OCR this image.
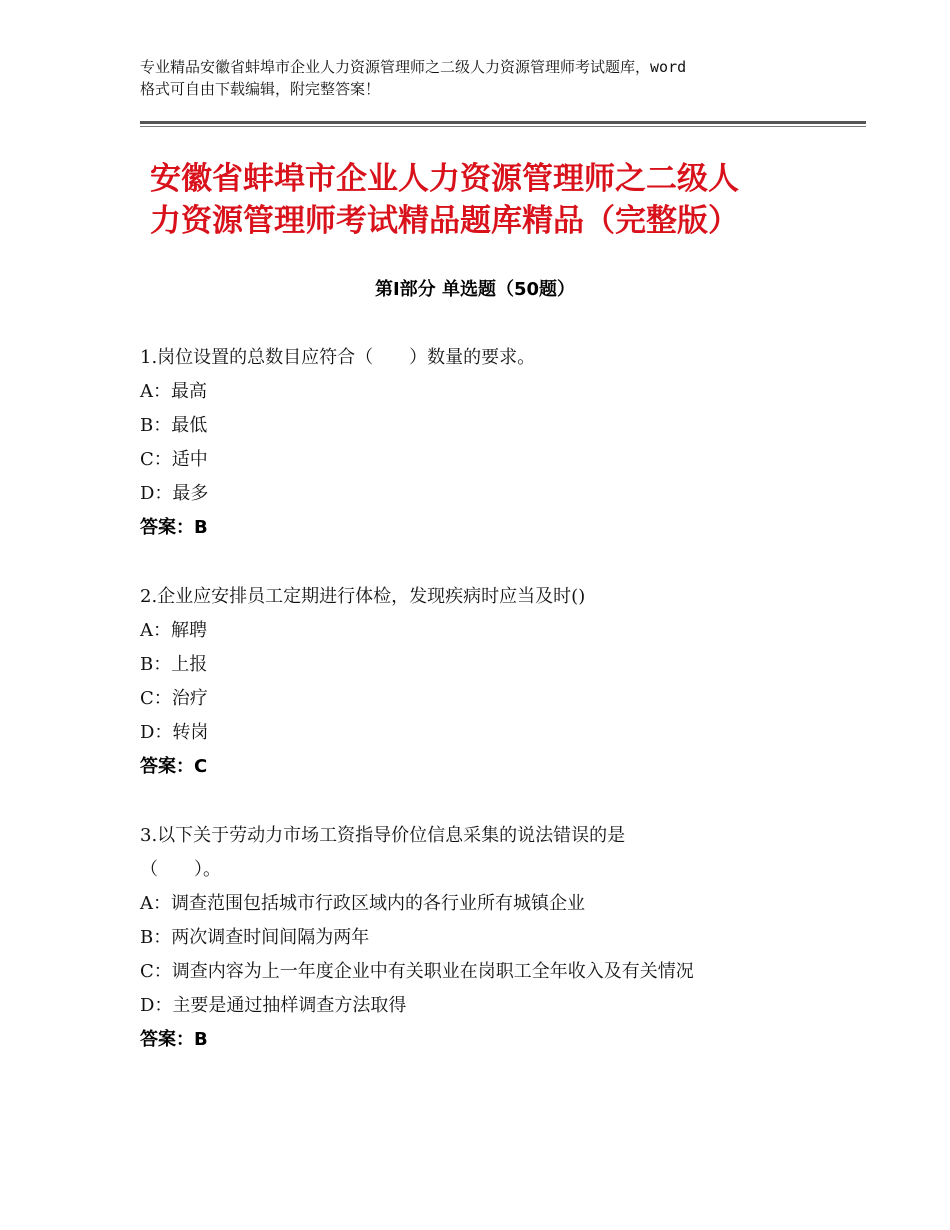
专业精品安徽省蚌埠市企业人力资源管理师之二级人力资源管理师考试题库，word
格式可自由下载编辑，附完整答案！
安徽省蚌埠市企业人力资源管理师之二级人
力资源管理师考试精品题库精品（完整版）
第Ⅰ部分 单选题（50题）
1.岗位设置的总数目应符合（　　）数量的要求。
A：最高
B：最低
C：适中
D：最多
答案：B
2.企业应安排员工定期进行体检，发现疾病时应当及时()
A：解聘
B：上报
C：治疗
D：转岗
答案：C
3.以下关于劳动力市场工资指导价位信息采集的说法错误的是
（　　）。
A：调查范围包括城市行政区域内的各行业所有城镇企业
B：两次调查时间间隔为两年
C：调查内容为上一年度企业中有关职业在岗职工全年收入及有关情况
D：主要是通过抽样调查方法取得
答案：B
